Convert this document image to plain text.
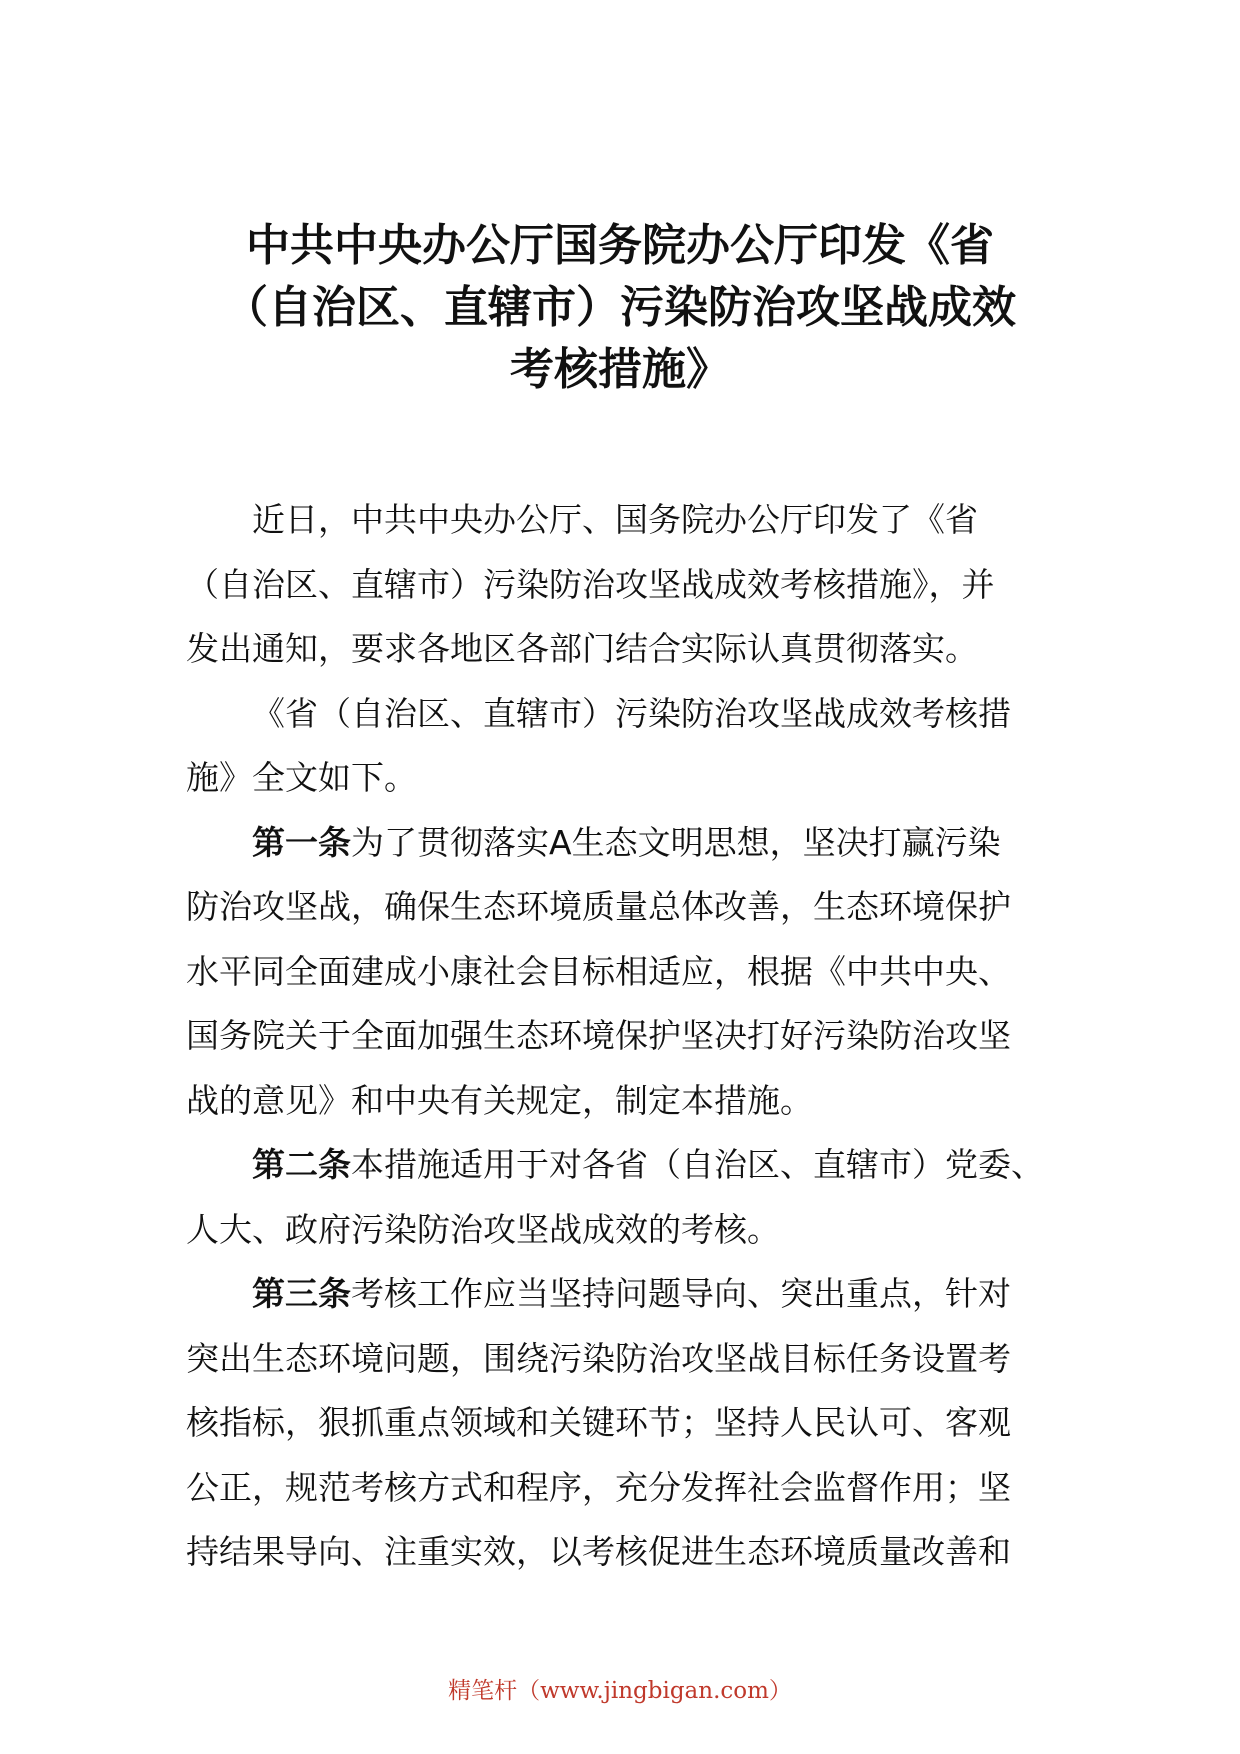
中共中央办公厅国务院办公厅印发《省
（自治区、直辖市）污染防治攻坚战成效
考核措施》
近日，中共中央办公厅、国务院办公厅印发了《省
（自治区、直辖市）污染防治攻坚战成效考核措施》，并
发出通知，要求各地区各部门结合实际认真贯彻落实。
《省（自治区、直辖市）污染防治攻坚战成效考核措
施》全文如下。
第一条为了贯彻落实A生态文明思想，坚决打赢污染
防治攻坚战，确保生态环境质量总体改善，生态环境保护
水平同全面建成小康社会目标相适应，根据《中共中央、
国务院关于全面加强生态环境保护坚决打好污染防治攻坚
战的意见》和中央有关规定，制定本措施。
第二条本措施适用于对各省（自治区、直辖市）党委、
人大、政府污染防治攻坚战成效的考核。
第三条考核工作应当坚持问题导向、突出重点，针对
突出生态环境问题，围绕污染防治攻坚战目标任务设置考
核指标，狠抓重点领域和关键环节；坚持人民认可、客观
公正，规范考核方式和程序，充分发挥社会监督作用；坚
持结果导向、注重实效，以考核促进生态环境质量改善和
精笔杆（www.jingbigan.com）
